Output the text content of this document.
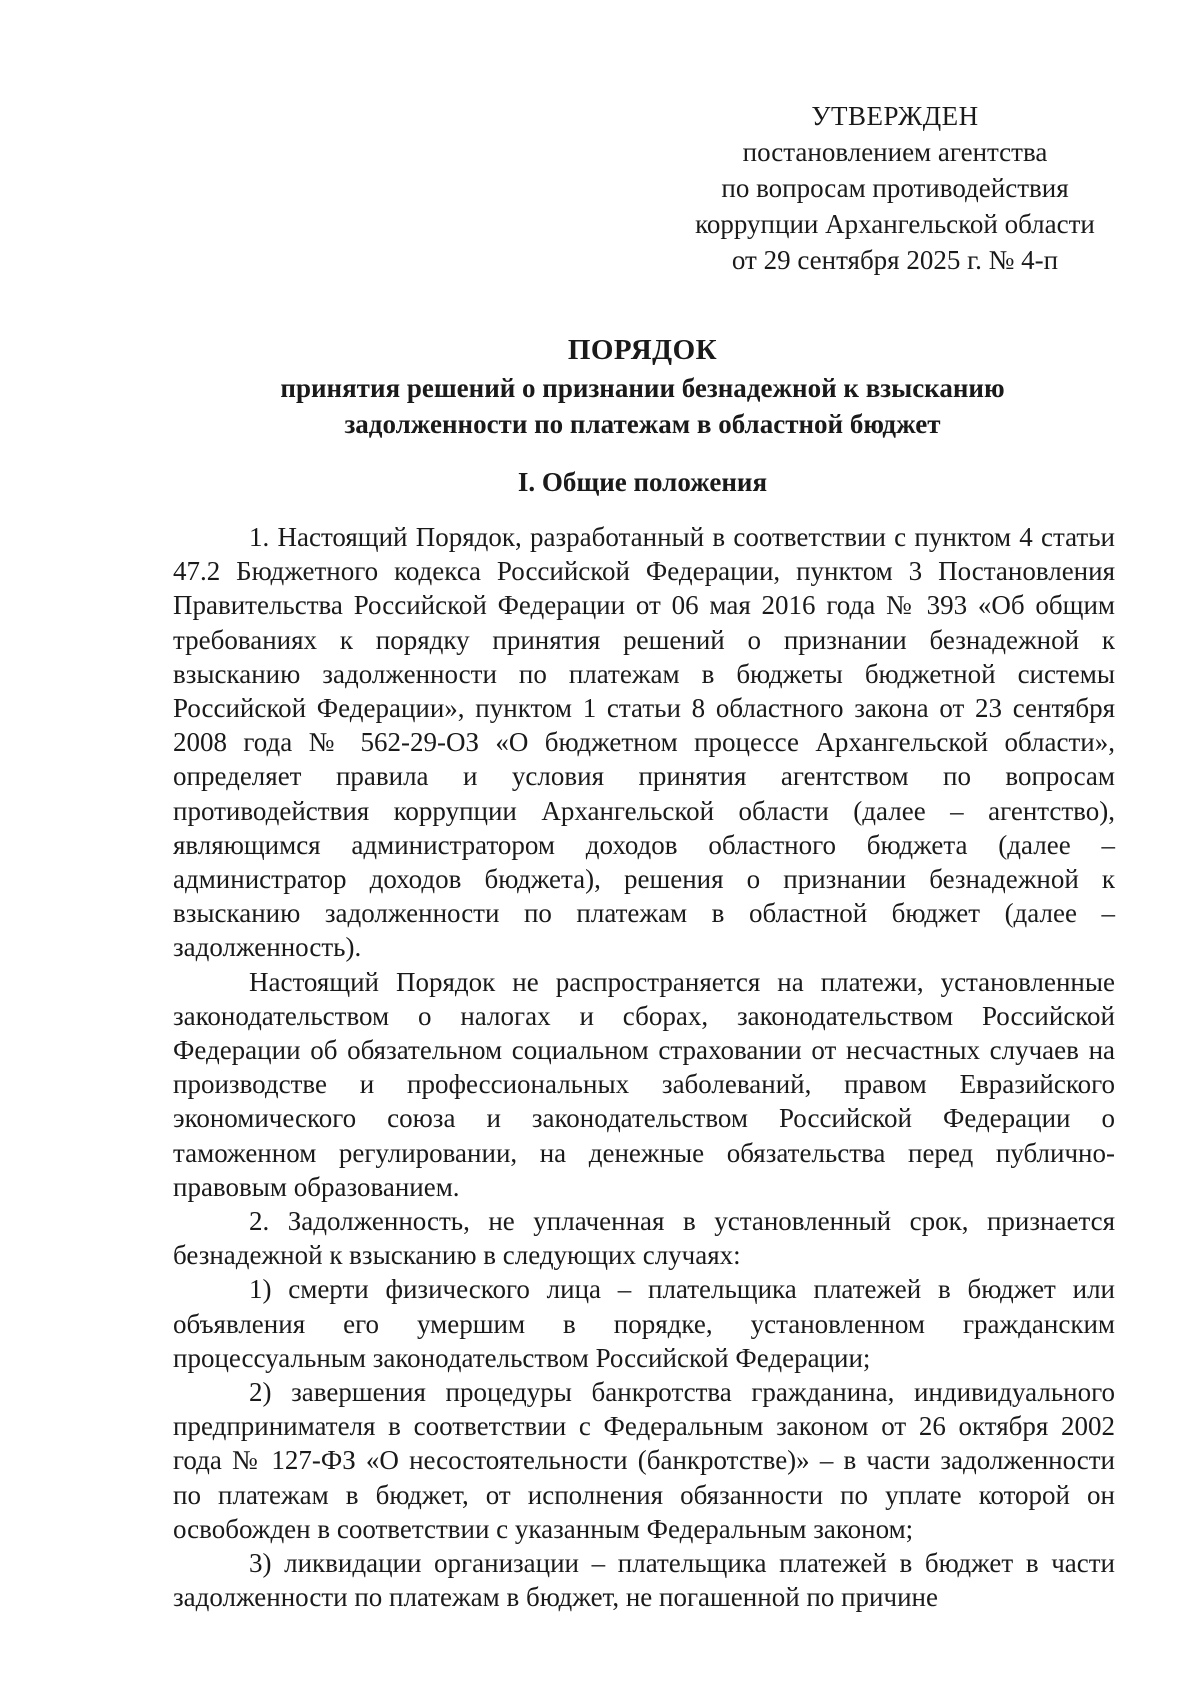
УТВЕРЖДЕН
постановлением агентства
по вопросам противодействия
коррупции Архангельской области
от 29 сентября 2025 г. № 4-п
ПОРЯДОК
принятия решений о признании безнадежной к взысканию
задолженности по платежам в областной бюджет
I. Общие положения

1. Настоящий Порядок, разработанный в соответствии с пунктом 4 статьи 47.2 Бюджетного кодекса Российской Федерации, пунктом 3 Постановления Правительства Российской Федерации от 06 мая 2016 года № 393 «Об общим требованиях к порядку принятия решений о признании безнадежной к взысканию задолженности по платежам в бюджеты бюджетной системы Российской Федерации», пунктом 1 статьи 8 областного закона от 23 сентября 2008 года № 562-29-ОЗ «О бюджетном процессе Архангельской области», определяет правила и условия принятия агентством по вопросам противодействия коррупции Архангельской области (далее – агентство), являющимся администратором доходов областного бюджета (далее – администратор доходов бюджета), решения о признании безнадежной к взысканию задолженности по платежам в областной бюджет (далее – задолженность).

Настоящий Порядок не распространяется на платежи, установленные законодательством о налогах и сборах, законодательством Российской Федерации об обязательном социальном страховании от несчастных случаев на производстве и профессиональных заболеваний, правом Евразийского экономического союза и законодательством Российской Федерации о таможенном регулировании, на денежные обязательства перед публично-правовым образованием.

2. Задолженность, не уплаченная в установленный срок, признается безнадежной к взысканию в следующих случаях:

1) смерти физического лица – плательщика платежей в бюджет или объявления его умершим в порядке, установленном гражданским процессуальным законодательством Российской Федерации;

2) завершения процедуры банкротства гражданина, индивидуального предпринимателя в соответствии с Федеральным законом от 26 октября 2002 года № 127-ФЗ «О несостоятельности (банкротстве)» – в части задолженности по платежам в бюджет, от исполнения обязанности по уплате которой он освобожден в соответствии с указанным Федеральным законом;

3) ликвидации организации – плательщика платежей в бюджет в части задолженности по платежам в бюджет, не погашенной по причине
